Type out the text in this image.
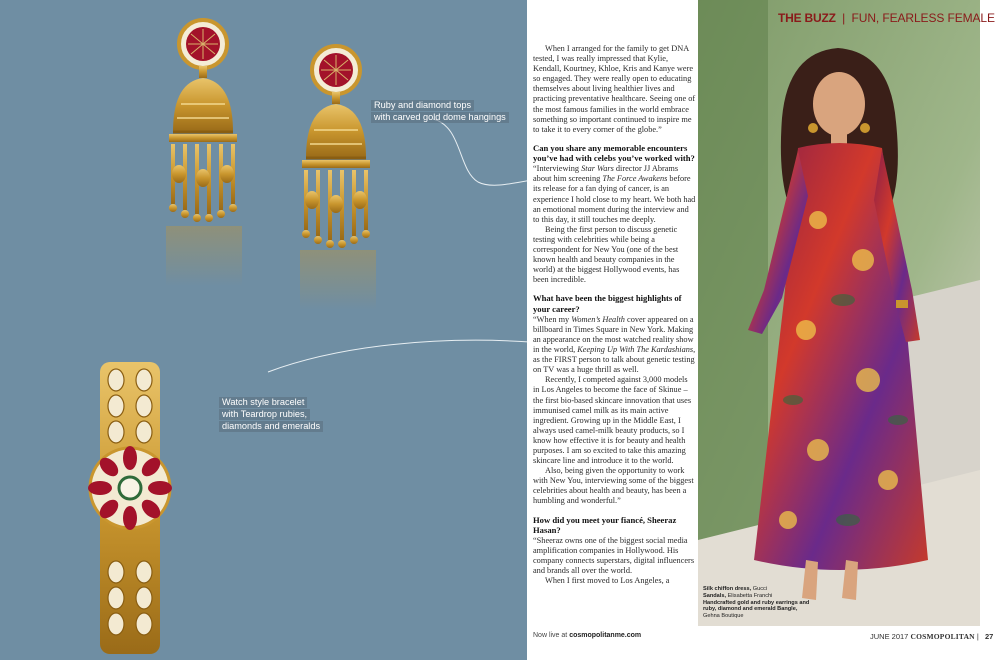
Ruby and diamond tops
with carved gold dome hangings
Watch style bracelet
with Teardrop rubies,
diamonds and emeralds
THE BUZZ | FUN, FEARLESS FEMALE

When I arranged for the family to get DNA tested, I was really impressed that Kylie, Kendall, Kourtney, Khloe, Kris and Kanye were so engaged. They were really open to educating themselves about living healthier lives and practicing preventative healthcare. Seeing one of the most famous families in the world embrace something so important continued to inspire me to take it to every corner of the globe.”

Can you share any memorable encounters you’ve had with celebs you’ve worked with?

“Interviewing Star Wars director JJ Abrams about him screening The Force Awakens before its release for a fan dying of cancer, is an experience I hold close to my heart. We both had an emotional moment during the interview and to this day, it still touches me deeply.

Being the first person to discuss genetic testing with celebrities while being a correspondent for New You (one of the best known health and beauty companies in the world) at the biggest Hollywood events, has been incredible.

What have been the biggest highlights of your career?

“When my Women’s Health cover appeared on a billboard in Times Square in New York. Making an appearance on the most watched reality show in the world, Keeping Up With The Kardashians, as the FIRST person to talk about genetic testing on TV was a huge thrill as well.

Recently, I competed against 3,000 models in Los Angeles to become the face of Skinue – the first bio-based skincare innovation that uses immunised camel milk as its main active ingredient. Growing up in the Middle East, I always used camel-milk beauty products, so I know how effective it is for beauty and health purposes. I am so excited to take this amazing skincare line and introduce it to the world.

Also, being given the opportunity to work with New You, interviewing some of the biggest celebrities about health and beauty, has been a humbling and wonderful.”

How did you meet your fiancé, Sheeraz Hasan?

“Sheeraz owns one of the biggest social media amplification companies in Hollywood. His company connects superstars, digital influencers and brands all over the world.

When I first moved to Los Angeles, a

Silk chiffon dress, Gucci
Sandals, Elisabetta Franchi
Handcrafted gold and ruby earrings and ruby, diamond and emerald Bangle, Gehna Boutique
Now live at cosmopolitanme.com	JUNE 2017 COSMOPOLITAN | 27
